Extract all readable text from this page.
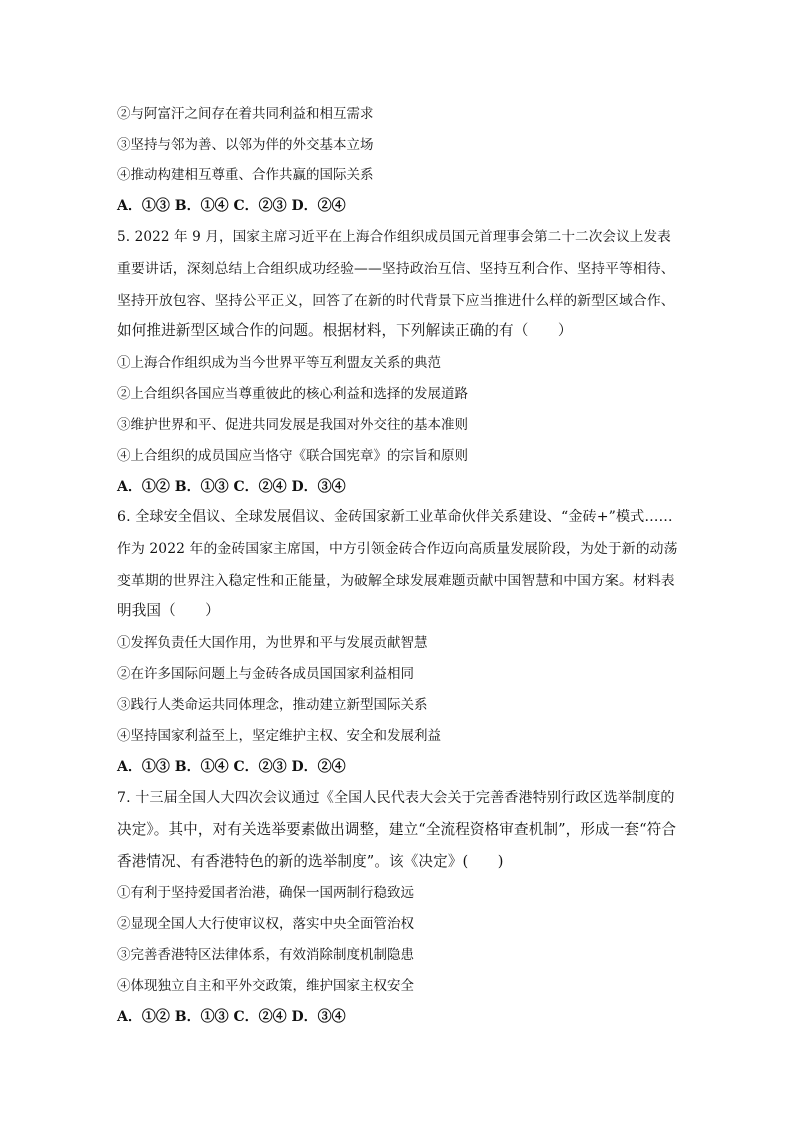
②与阿富汗之间存在着共同利益和相互需求
③坚持与邻为善、以邻为伴的外交基本立场
④推动构建相互尊重、合作共赢的国际关系
A．①③ B．①④ C．②③ D．②④
5. 2022 年 9 月，国家主席习近平在上海合作组织成员国元首理事会第二十二次会议上发表
重要讲话，深刻总结上合组织成功经验——坚持政治互信、坚持互利合作、坚持平等相待、
坚持开放包容、坚持公平正义，回答了在新的时代背景下应当推进什么样的新型区域合作、
如何推进新型区域合作的问题。根据材料，下列解读正确的有（　　）
①上海合作组织成为当今世界平等互利盟友关系的典范
②上合组织各国应当尊重彼此的核心利益和选择的发展道路
③维护世界和平、促进共同发展是我国对外交往的基本准则
④上合组织的成员国应当恪守《联合国宪章》的宗旨和原则
A．①② B．①③ C．②④ D．③④
6. 全球安全倡议、全球发展倡议、金砖国家新工业革命伙伴关系建设、“金砖+”模式……
作为 2022 年的金砖国家主席国，中方引领金砖合作迈向高质量发展阶段，为处于新的动荡
变革期的世界注入稳定性和正能量，为破解全球发展难题贡献中国智慧和中国方案。材料表
明我国（　　）
①发挥负责任大国作用，为世界和平与发展贡献智慧
②在许多国际问题上与金砖各成员国国家利益相同
③践行人类命运共同体理念，推动建立新型国际关系
④坚持国家利益至上，坚定维护主权、安全和发展利益
A．①③ B．①④ C．②③ D．②④
7. 十三届全国人大四次会议通过《全国人民代表大会关于完善香港特别行政区选举制度的
决定》。其中，对有关选举要素做出调整，建立“全流程资格审查机制”，形成一套“符合
香港情况、有香港特色的新的选举制度”。该《决定》(　　)
①有利于坚持爱国者治港，确保一国两制行稳致远
②显现全国人大行使审议权，落实中央全面管治权
③完善香港特区法律体系，有效消除制度机制隐患
④体现独立自主和平外交政策，维护国家主权安全
A．①② B．①③ C．②④ D．③④
